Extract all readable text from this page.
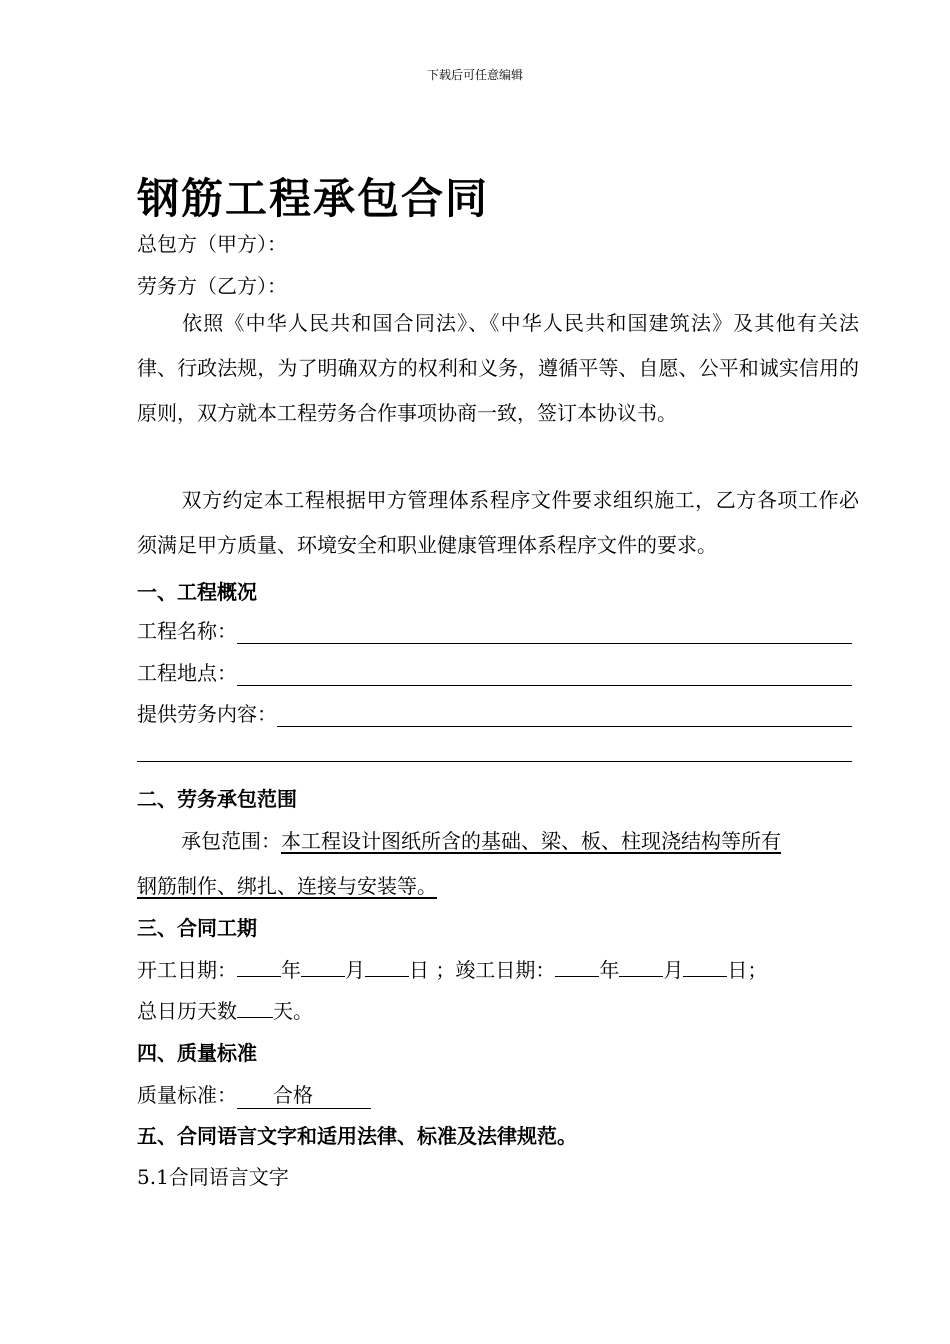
下载后可任意编辑
钢筋工程承包合同
总包方（甲方）：
劳务方（乙方）：
依照《中华人民共和国合同法》、《中华人民共和国建筑法》及其他有关法律、行政法规，为了明确双方的权利和义务，遵循平等、自愿、公平和诚实信用的原则，双方就本工程劳务合作事项协商一致，签订本协议书。
双方约定本工程根据甲方管理体系程序文件要求组织施工，乙方各项工作必须满足甲方质量、环境安全和职业健康管理体系程序文件的要求。
一、工程概况
工程名称：
工程地点：
提供劳务内容：
二、劳务承包范围
承包范围：本工程设计图纸所含的基础、梁、板、柱现浇结构等所有
钢筋制作、绑扎、连接与安装等。
三、合同工期
开工日期： 年 月 日 ；竣工日期： 年 月 日；
总日历天数 天。
四、质量标准
质量标准： 合格
五、合同语言文字和适用法律、标准及法律规范。
5.1合同语言文字
